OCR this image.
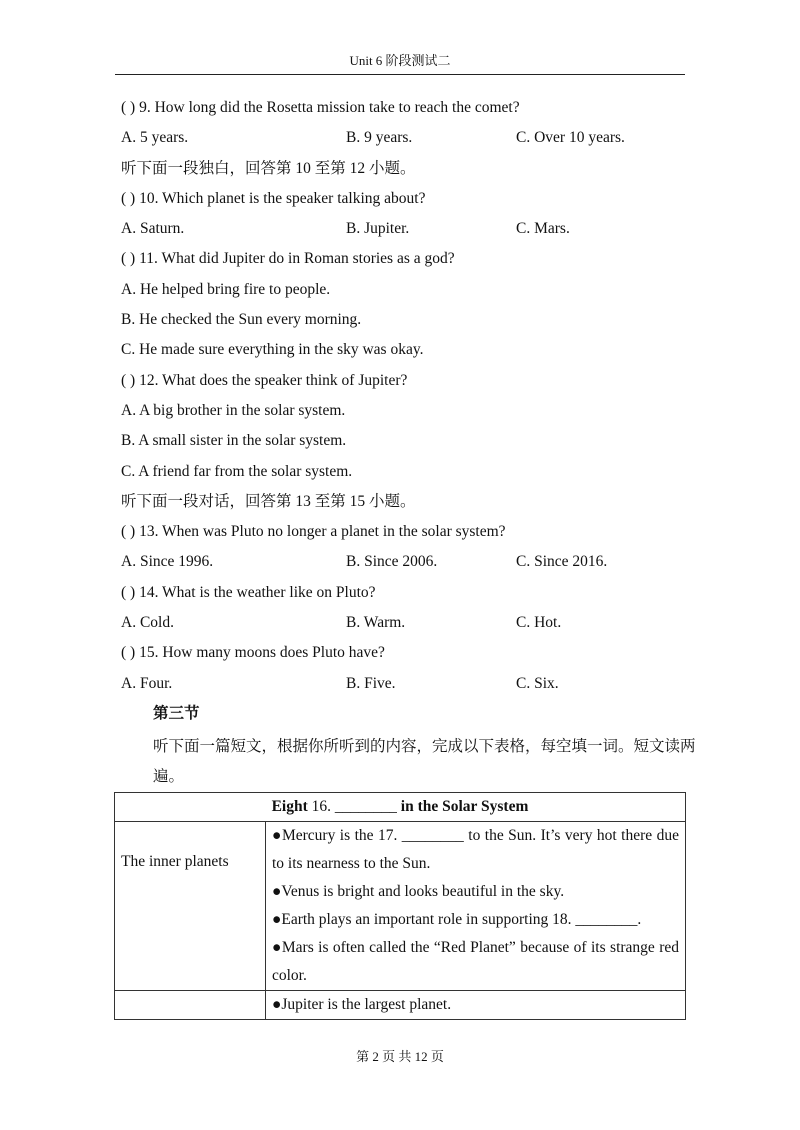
Unit 6 阶段测试二
( ) 9. How long did the Rosetta mission take to reach the comet?
A. 5 years.	B. 9 years.	C. Over 10 years.
听下面一段独白，回答第 10 至第 12 小题。
( ) 10. Which planet is the speaker talking about?
A. Saturn.	B. Jupiter.	C. Mars.
( ) 11. What did Jupiter do in Roman stories as a god?
A. He helped bring fire to people.
B. He checked the Sun every morning.
C. He made sure everything in the sky was okay.
( ) 12. What does the speaker think of Jupiter?
A. A big brother in the solar system.
B. A small sister in the solar system.
C. A friend far from the solar system.
听下面一段对话，回答第 13 至第 15 小题。
( ) 13. When was Pluto no longer a planet in the solar system?
A. Since 1996.	B. Since 2006.	C. Since 2016.
( ) 14. What is the weather like on Pluto?
A. Cold.	B. Warm.	C. Hot.
( ) 15. How many moons does Pluto have?
A. Four.	B. Five.	C. Six.
第三节
听下面一篇短文，根据你所听到的内容，完成以下表格，每空填一词。短文读两遍。
Eight 16. ________ in the Solar System	
The inner planets	●Mercury is the 17. ________ to the Sun. It’s very hot there due to its nearness to the Sun.
●Venus is bright and looks beautiful in the sky.
●Earth plays an important role in supporting 18. ________.
●Mars is often called the “Red Planet” because of its strange red color.

	●Jupiter is the largest planet.
第 2 页 共 12 页
